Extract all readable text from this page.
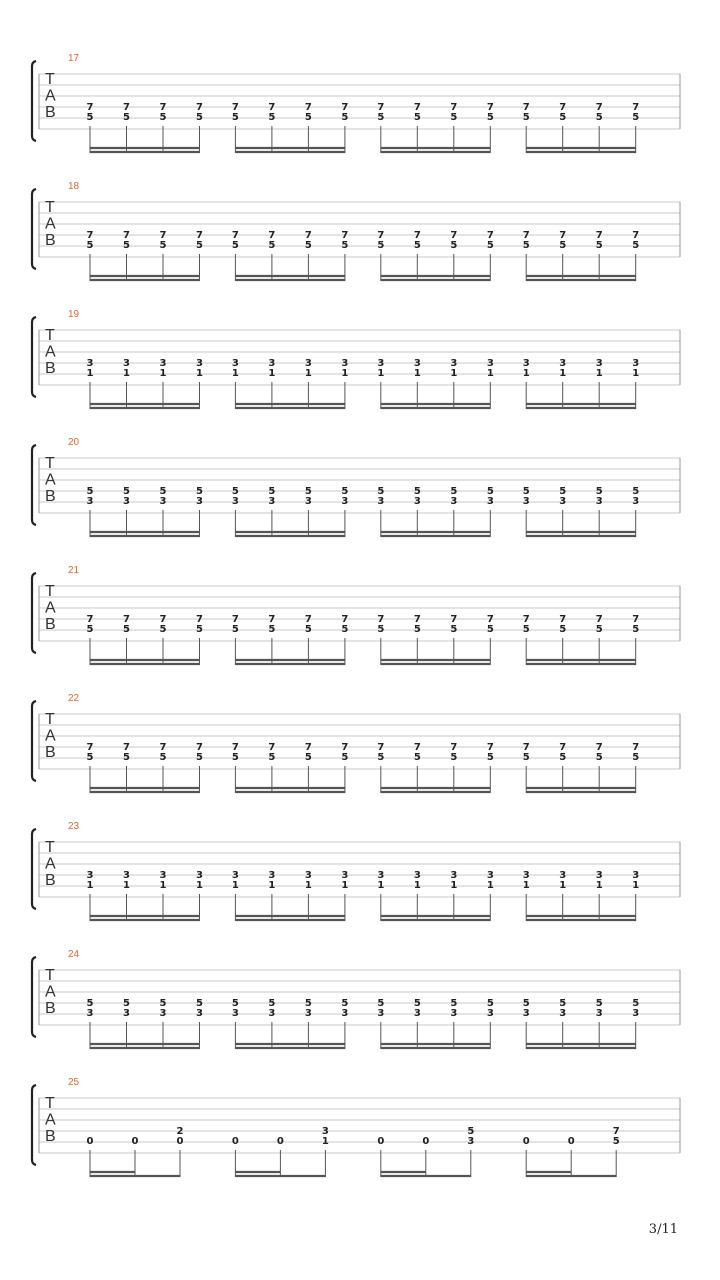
17
T
A
B	7
5
7
5
7
5
7
5
7
5
7
5
7
5
7
5
7
5
7
5
7
5
7
5
7
5
7
5
7
5
7
5
18
T
A
B	7
5
7
5
7
5
7
5
7
5
7
5
7
5
7
5
7
5
7
5
7
5
7
5
7
5
7
5
7
5
7
5
19
T
A
B	3
1
3
1
3
1
3
1
3
1
3
1
3
1
3
1
3
1
3
1
3
1
3
1
3
1
3
1
3
1
3
1
20
T
A
B	5
3
5
3
5
3
5
3
5
3
5
3
5
3
5
3
5
3
5
3
5
3
5
3
5
3
5
3
5
3
5
3
21
T
A
B	7
5
7
5
7
5
7
5
7
5
7
5
7
5
7
5
7
5
7
5
7
5
7
5
7
5
7
5
7
5
7
5
22
T
A
B	7
5
7
5
7
5
7
5
7
5
7
5
7
5
7
5
7
5
7
5
7
5
7
5
7
5
7
5
7
5
7
5
23
T
A
B	3
1
3
1
3
1
3
1
3
1
3
1
3
1
3
1
3
1
3
1
3
1
3
1
3
1
3
1
3
1
3
1
24
T
A
B	5
3
5
3
5
3
5
3
5
3
5
3
5
3
5
3
5
3
5
3
5
3
5
3
5
3
5
3
5
3
5
3
25
T
A
B	0	0
2
0	0	0
3
1	0	0
5
3	0	0
7
5
3/11
